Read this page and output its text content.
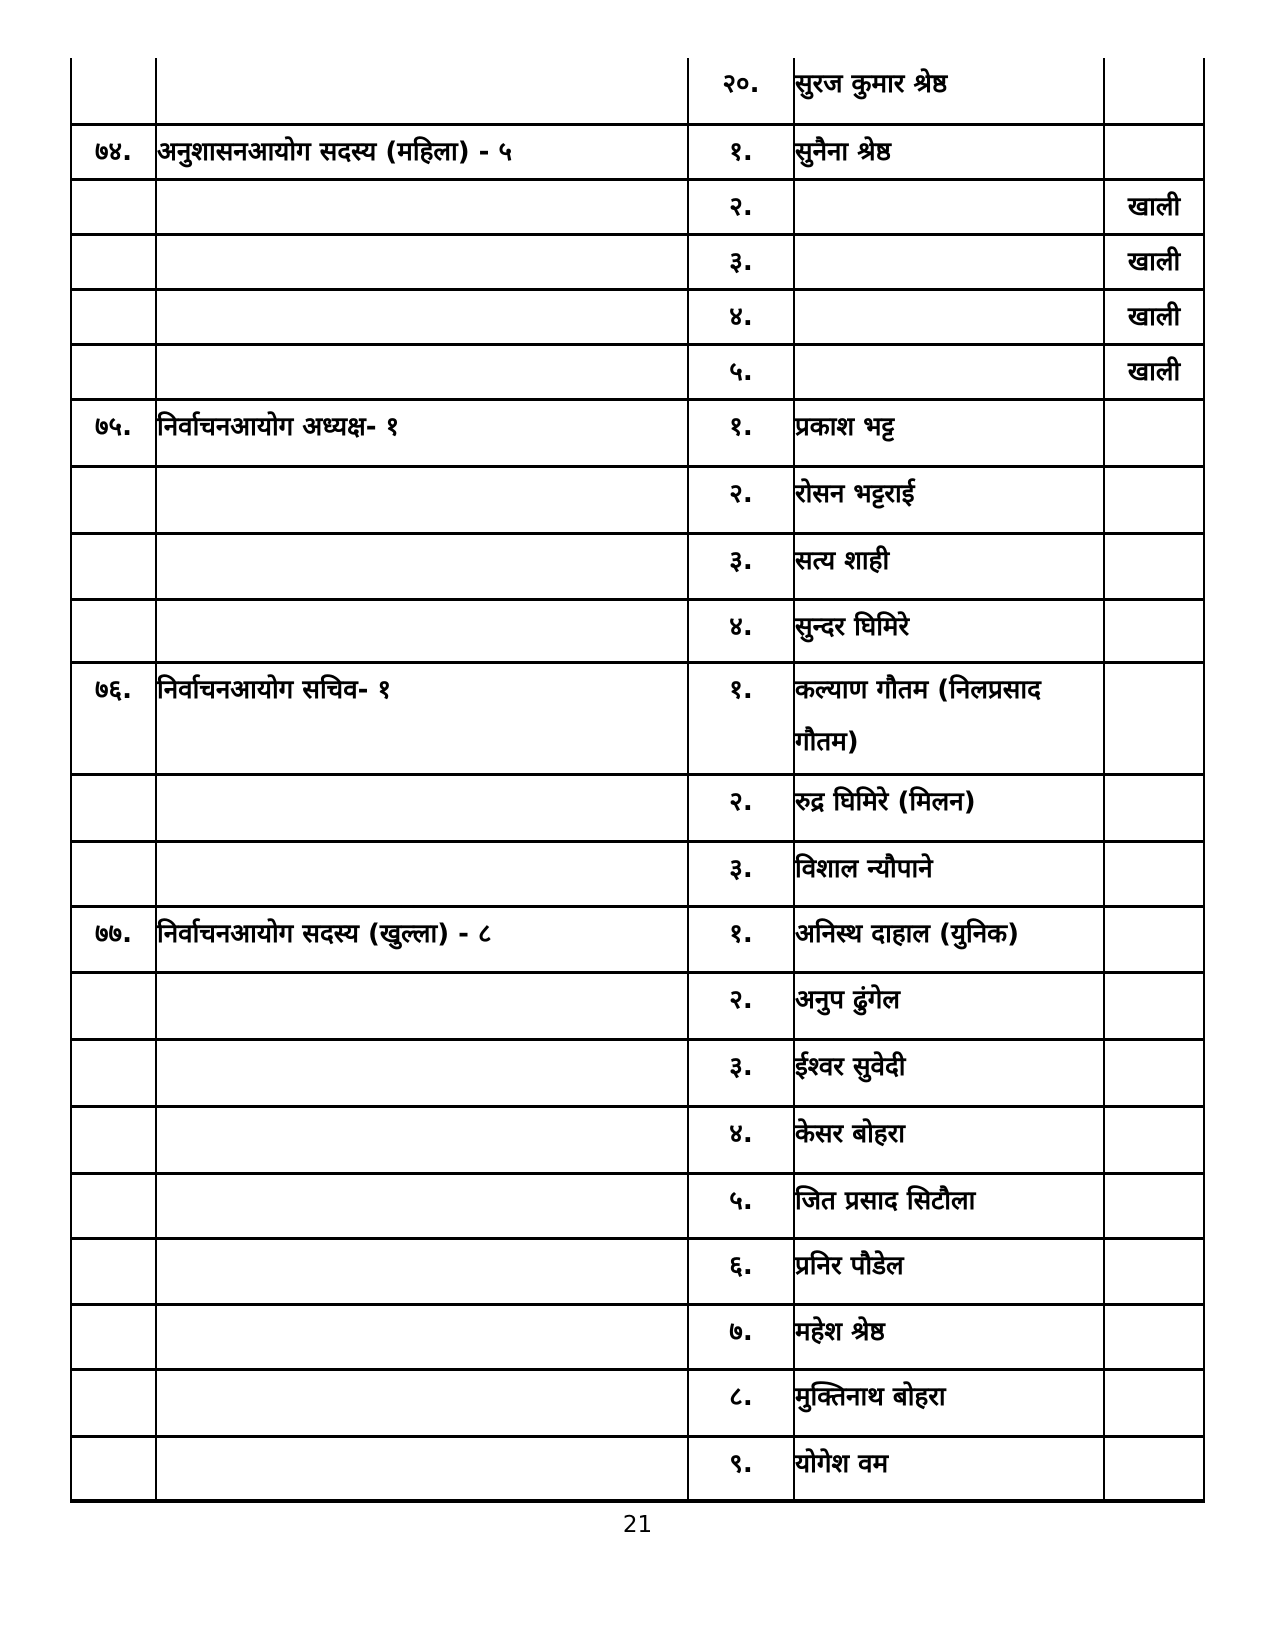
		२०.	सुरज कुमार श्रेष्ठ	
७४.	अनुशासनआयोग सदस्य (महिला) - ५	१.	सुनैना श्रेष्ठ	
		२.		खाली
		३.		खाली
		४.		खाली
		५.		खाली
७५.	निर्वाचनआयोग अध्यक्ष- १	१.	प्रकाश भट्ट	
		२.	रोसन भट्टराई	
		३.	सत्य शाही	
		४.	सुन्दर घिमिरे	
७६.	निर्वाचनआयोग सचिव- १	१.	कल्याण गौतम (निलप्रसाद गौतम)	
		२.	रुद्र घिमिरे (मिलन)	
		३.	विशाल न्यौपाने	
७७.	निर्वाचनआयोग सदस्य (खुल्ला) - ८	१.	अनिस्थ दाहाल (युनिक)	
		२.	अनुप ढुंगेल	
		३.	ईश्वर सुवेदी	
		४.	केसर बोहरा	
		५.	जित प्रसाद सिटौला	
		६.	प्रनिर पौडेल	
		७.	महेश श्रेष्ठ	
		८.	मुक्तिनाथ बोहरा	
		९.	योगेश वम	
21
